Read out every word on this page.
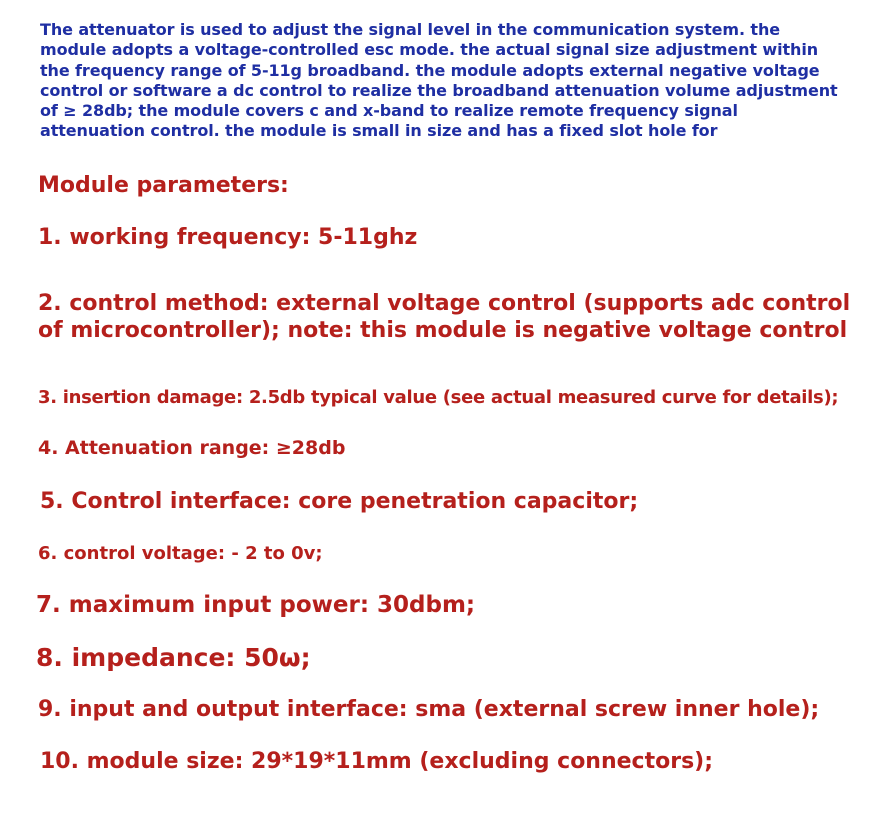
The attenuator is used to adjust the signal level in the communication system. the module adopts a voltage-controlled esc mode. the actual signal size adjustment within the frequency range of 5-11g broadband. the module adopts external negative voltage control or software a dc control to realize the broadband attenuation volume adjustment of ≥ 28db; the module covers c and x-band to realize remote frequency signal attenuation control. the module is small in size and has a fixed slot hole for

Module parameters:

1. working frequency: 5-11ghz

2. control method: external voltage control (supports adc control of microcontroller); note: this module is negative voltage control

3. insertion damage: 2.5db typical value (see actual measured curve for details);

4. Attenuation range: ≥28db

5. Control interface: core penetration capacitor;

6. control voltage: - 2 to 0v;

7. maximum input power: 30dbm;

8. impedance: 50ω;

9. input and output interface: sma (external screw inner hole);

10. module size: 29*19*11mm (excluding connectors);
